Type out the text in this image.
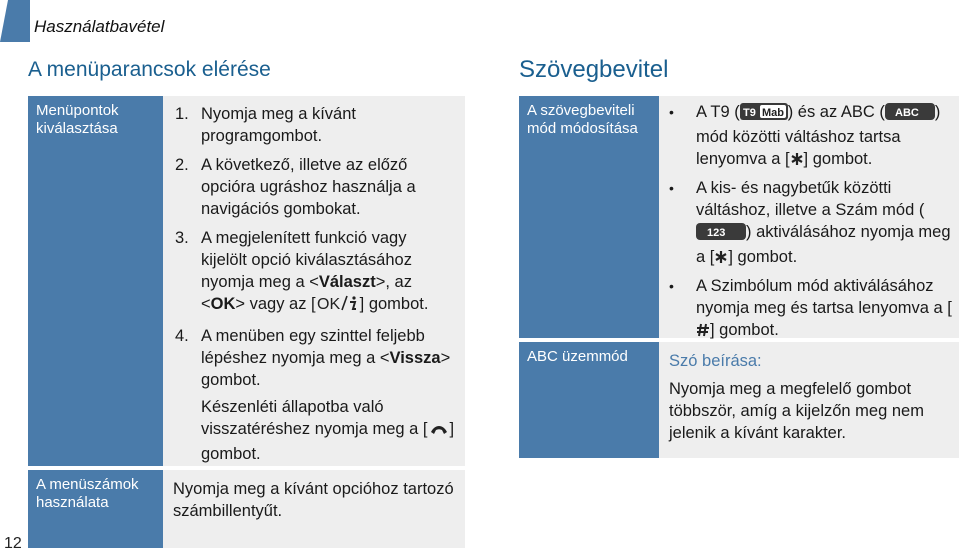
Használatbavétel
A menüparancsok elérése	Szövegbevitel
Menüpontok kiválasztása
1. Nyomja meg a kívánt programgombot.
2. A következő, illetve az előző opcióra ugráshoz használja a navigációs gombokat.
3. A megjelenített funkció vagy kijelölt opció kiválasztásához nyomja meg a <Választ>, az <OK> vagy az [ OK ] gombot.
4. A menüben egy szinttel feljebb lépéshez nyomja meg a <Vissza> gombot.
Készenléti állapotba való visszatéréshez nyomja meg a [ ] gombot.
A menüszámok használata
Nyomja meg a kívánt opcióhoz tartozó számbillentyűt.
A szövegbeviteli mód módosítása
•	A T9 ( T9 Mab ) és az ABC ( ABC ) mód közötti váltáshoz tartsa lenyomva a [ ] gombot.
•	A kis- és nagybetűk közötti váltáshoz, illetve a Szám mód (
123 ) aktiválásához nyomja meg a [ ] gombot.
•	A Szimbólum mód aktiválásához nyomja meg és tartsa lenyomva a [] gombot.
ABC üzemmód	Szó beírása:
Nyomja meg a megfelelő gombot többször, amíg a kijelzőn meg nem jelenik a kívánt karakter.
12
